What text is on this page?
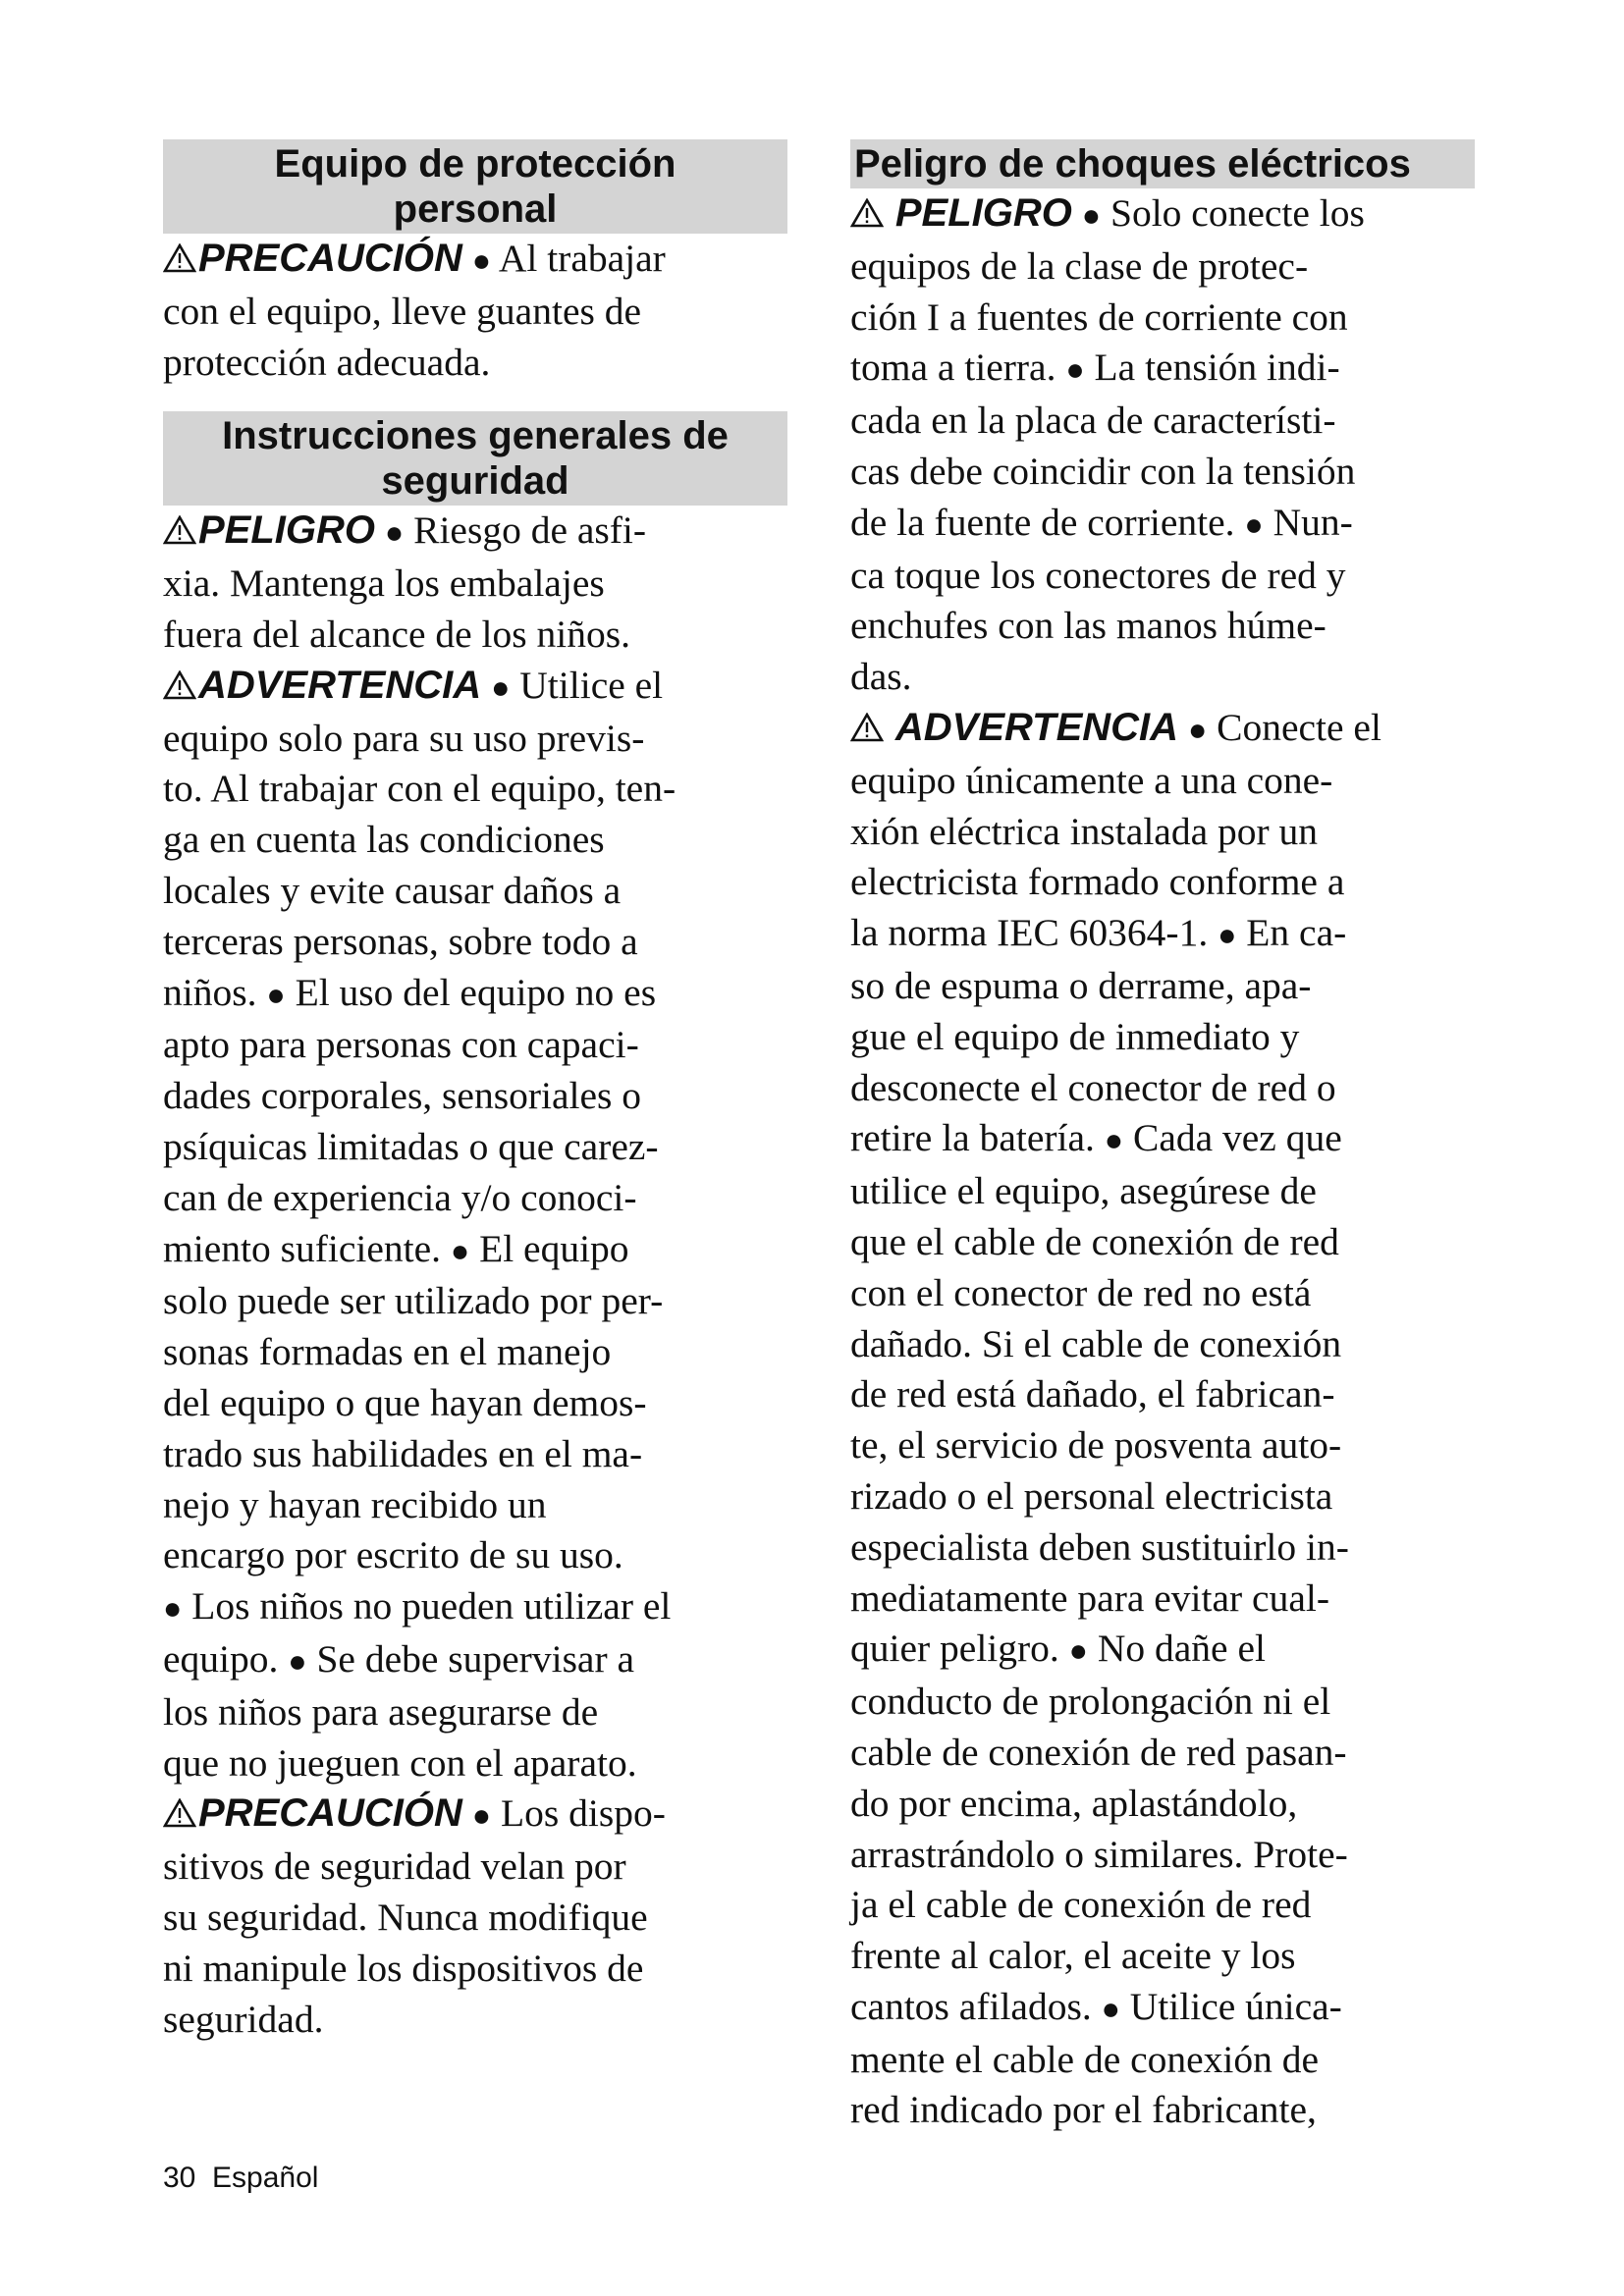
Equipo de protección
personal

PRECAUCIÓN ● Al trabajar
con el equipo, lleve guantes de
protección adecuada.

Instrucciones generales de
seguridad

PELIGRO ● Riesgo de asfi-
xia. Mantenga los embalajes
fuera del alcance de los niños.

ADVERTENCIA ● Utilice el
equipo solo para su uso previs-
to. Al trabajar con el equipo, ten-
ga en cuenta las condiciones
locales y evite causar daños a
terceras personas, sobre todo a
niños. ● El uso del equipo no es
apto para personas con capaci-
dades corporales, sensoriales o
psíquicas limitadas o que carez-
can de experiencia y/o conoci-
miento suficiente. ● El equipo
solo puede ser utilizado por per-
sonas formadas en el manejo
del equipo o que hayan demos-
trado sus habilidades en el ma-
nejo y hayan recibido un
encargo por escrito de su uso.
● Los niños no pueden utilizar el
equipo. ● Se debe supervisar a
los niños para asegurarse de
que no jueguen con el aparato.

PRECAUCIÓN ● Los dispo-
sitivos de seguridad velan por
su seguridad. Nunca modifique
ni manipule los dispositivos de
seguridad.

Peligro de choques eléctricos

PELIGRO ● Solo conecte los
equipos de la clase de protec-
ción I a fuentes de corriente con
toma a tierra. ● La tensión indi-
cada en la placa de característi-
cas debe coincidir con la tensión
de la fuente de corriente. ● Nun-
ca toque los conectores de red y
enchufes con las manos húme-
das.

ADVERTENCIA ● Conecte el
equipo únicamente a una cone-
xión eléctrica instalada por un
electricista formado conforme a
la norma IEC 60364-1. ● En ca-
so de espuma o derrame, apa-
gue el equipo de inmediato y
desconecte el conector de red o
retire la batería. ● Cada vez que
utilice el equipo, asegúrese de
que el cable de conexión de red
con el conector de red no está
dañado. Si el cable de conexión
de red está dañado, el fabrican-
te, el servicio de posventa auto-
rizado o el personal electricista
especialista deben sustituirlo in-
mediatamente para evitar cual-
quier peligro. ● No dañe el
conducto de prolongación ni el
cable de conexión de red pasan-
do por encima, aplastándolo,
arrastrándolo o similares. Prote-
ja el cable de conexión de red
frente al calor, el aceite y los
cantos afilados. ● Utilice única-
mente el cable de conexión de
red indicado por el fabricante,

30 Español
